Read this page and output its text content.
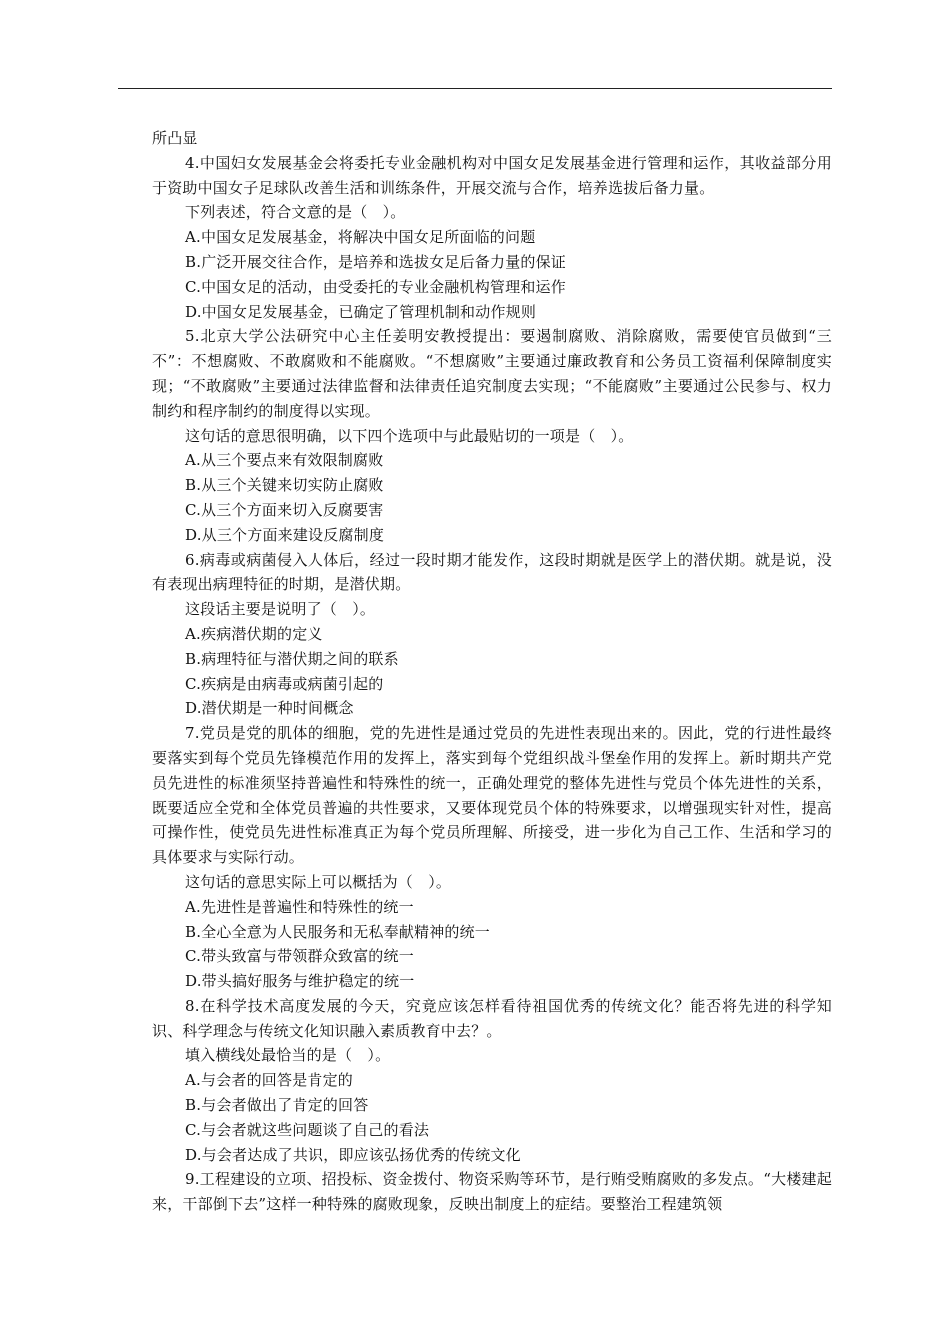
所凸显

4.中国妇女发展基金会将委托专业金融机构对中国女足发展基金进行管理和运作，其收益部分用于资助中国女子足球队改善生活和训练条件，开展交流与合作，培养选拔后备力量。

下列表述，符合文意的是（　）。

A.中国女足发展基金，将解决中国女足所面临的问题

B.广泛开展交往合作，是培养和选拔女足后备力量的保证

C.中国女足的活动，由受委托的专业金融机构管理和运作

D.中国女足发展基金，已确定了管理机制和动作规则

5.北京大学公法研究中心主任姜明安教授提出：要遏制腐败、消除腐败，需要使官员做到“三不”：不想腐败、不敢腐败和不能腐败。“不想腐败”主要通过廉政教育和公务员工资福利保障制度实现；“不敢腐败”主要通过法律监督和法律责任追究制度去实现；“不能腐败”主要通过公民参与、权力制约和程序制约的制度得以实现。

这句话的意思很明确，以下四个选项中与此最贴切的一项是（　）。

A.从三个要点来有效限制腐败

B.从三个关键来切实防止腐败

C.从三个方面来切入反腐要害

D.从三个方面来建设反腐制度

6.病毒或病菌侵入人体后，经过一段时期才能发作，这段时期就是医学上的潜伏期。就是说，没有表现出病理特征的时期，是潜伏期。

这段话主要是说明了（　）。

A.疾病潜伏期的定义

B.病理特征与潜伏期之间的联系

C.疾病是由病毒或病菌引起的

D.潜伏期是一种时间概念

7.党员是党的肌体的细胞，党的先进性是通过党员的先进性表现出来的。因此，党的行进性最终要落实到每个党员先锋模范作用的发挥上，落实到每个党组织战斗堡垒作用的发挥上。新时期共产党员先进性的标准须坚持普遍性和特殊性的统一，正确处理党的整体先进性与党员个体先进性的关系，既要适应全党和全体党员普遍的共性要求，又要体现党员个体的特殊要求，以增强现实针对性，提高可操作性，使党员先进性标准真正为每个党员所理解、所接受，进一步化为自己工作、生活和学习的具体要求与实际行动。

这句话的意思实际上可以概括为（　）。

A.先进性是普遍性和特殊性的统一

B.全心全意为人民服务和无私奉献精神的统一

C.带头致富与带领群众致富的统一

D.带头搞好服务与维护稳定的统一

8.在科学技术高度发展的今天，究竟应该怎样看待祖国优秀的传统文化？能否将先进的科学知识、科学理念与传统文化知识融入素质教育中去？。

填入横线处最恰当的是（　）。

A.与会者的回答是肯定的

B.与会者做出了肯定的回答

C.与会者就这些问题谈了自己的看法

D.与会者达成了共识，即应该弘扬优秀的传统文化

9.工程建设的立项、招投标、资金拨付、物资采购等环节，是行贿受贿腐败的多发点。“大楼建起来，干部倒下去”这样一种特殊的腐败现象，反映出制度上的症结。要整治工程建筑领
